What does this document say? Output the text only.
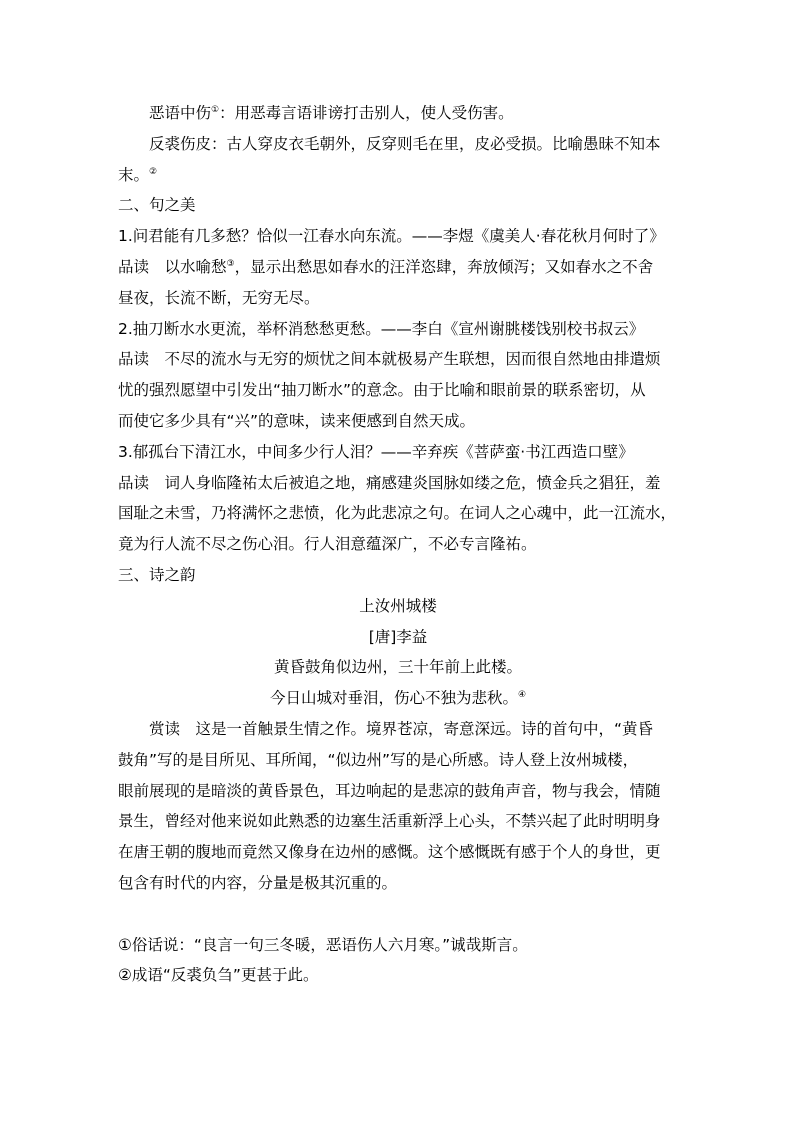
恶语中伤①：用恶毒言语诽谤打击别人，使人受伤害。

反裘伤皮：古人穿皮衣毛朝外，反穿则毛在里，皮必受损。比喻愚昧不知本
末。②

二、句之美

1.问君能有几多愁？恰似一江春水向东流。——李煜《虞美人·春花秋月何时了》

品读　以水喻愁③，显示出愁思如春水的汪洋恣肆，奔放倾泻；又如春水之不舍
昼夜，长流不断，无穷无尽。

2.抽刀断水水更流，举杯消愁愁更愁。——李白《宣州谢朓楼饯别校书叔云》

品读　不尽的流水与无穷的烦忧之间本就极易产生联想，因而很自然地由排遣烦
忧的强烈愿望中引发出“抽刀断水”的意念。由于比喻和眼前景的联系密切，从
而使它多少具有“兴”的意味，读来便感到自然天成。

3.郁孤台下清江水，中间多少行人泪？——辛弃疾《菩萨蛮·书江西造口壁》

品读　词人身临隆祐太后被追之地，痛感建炎国脉如缕之危，愤金兵之猖狂，羞
国耻之未雪，乃将满怀之悲愤，化为此悲凉之句。在词人之心魂中，此一江流水，
竟为行人流不尽之伤心泪。行人泪意蕴深广，不必专言隆祐。

三、诗之韵

上汝州城楼

[唐]李益

黄昏鼓角似边州，三十年前上此楼。

今日山城对垂泪，伤心不独为悲秋。④

赏读　这是一首触景生情之作。境界苍凉，寄意深远。诗的首句中，“黄昏
鼓角”写的是目所见、耳所闻，“似边州”写的是心所感。诗人登上汝州城楼，
眼前展现的是暗淡的黄昏景色，耳边响起的是悲凉的鼓角声音，物与我会，情随
景生，曾经对他来说如此熟悉的边塞生活重新浮上心头，不禁兴起了此时明明身
在唐王朝的腹地而竟然又像身在边州的感慨。这个感慨既有感于个人的身世，更
包含有时代的内容，分量是极其沉重的。

①俗话说：“良言一句三冬暖，恶语伤人六月寒。”诚哉斯言。

②成语“反裘负刍”更甚于此。
